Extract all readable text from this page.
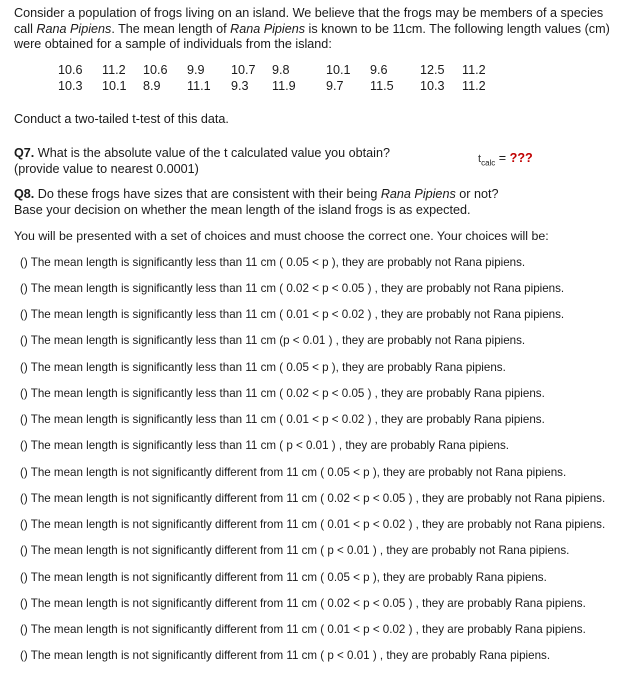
Consider a population of frogs living on an island. We believe that the frogs may be members of a species
call Rana Pipiens. The mean length of Rana Pipiens is known to be 11cm. The following length values (cm)
were obtained for a sample of individuals from the island:
10.6	11.2	10.6	9.9	10.7	9.8	10.1	9.6	12.5	11.2
10.3	10.1	8.9	11.1	9.3	11.9	9.7	11.5	10.3	11.2
Conduct a two-tailed t-test of this data.
Q7. What is the absolute value of the t calculated value you obtain?
(provide value to nearest 0.0001)
$t_{calc}$ = ???
Q8. Do these frogs have sizes that are consistent with their being Rana Pipiens or not?
Base your decision on whether the mean length of the island frogs is as expected.
You will be presented with a set of choices and must choose the correct one. Your choices will be:
() The mean length is significantly less than 11 cm ( 0.05 < p ), they are probably not Rana pipiens.
() The mean length is significantly less than 11 cm ( 0.02 < p < 0.05 ) , they are probably not Rana pipiens.
() The mean length is significantly less than 11 cm ( 0.01 < p < 0.02 ) , they are probably not Rana pipiens.
() The mean length is significantly less than 11 cm (p < 0.01 ) , they are probably not Rana pipiens.
() The mean length is significantly less than 11 cm ( 0.05 < p ), they are probably Rana pipiens.
() The mean length is significantly less than 11 cm ( 0.02 < p < 0.05 ) , they are probably Rana pipiens.
() The mean length is significantly less than 11 cm ( 0.01 < p < 0.02 ) , they are probably Rana pipiens.
() The mean length is significantly less than 11 cm ( p < 0.01 ) , they are probably Rana pipiens.
() The mean length is not significantly different from 11 cm ( 0.05 < p ), they are probably not Rana pipiens.
() The mean length is not significantly different from 11 cm ( 0.02 < p < 0.05 ) , they are probably not Rana pipiens.
() The mean length is not significantly different from 11 cm ( 0.01 < p < 0.02 ) , they are probably not Rana pipiens.
() The mean length is not significantly different from 11 cm ( p < 0.01 ) , they are probably not Rana pipiens.
() The mean length is not significantly different from 11 cm ( 0.05 < p ), they are probably Rana pipiens.
() The mean length is not significantly different from 11 cm ( 0.02 < p < 0.05 ) , they are probably Rana pipiens.
() The mean length is not significantly different from 11 cm ( 0.01 < p < 0.02 ) , they are probably Rana pipiens.
() The mean length is not significantly different from 11 cm ( p < 0.01 ) , they are probably Rana pipiens.
